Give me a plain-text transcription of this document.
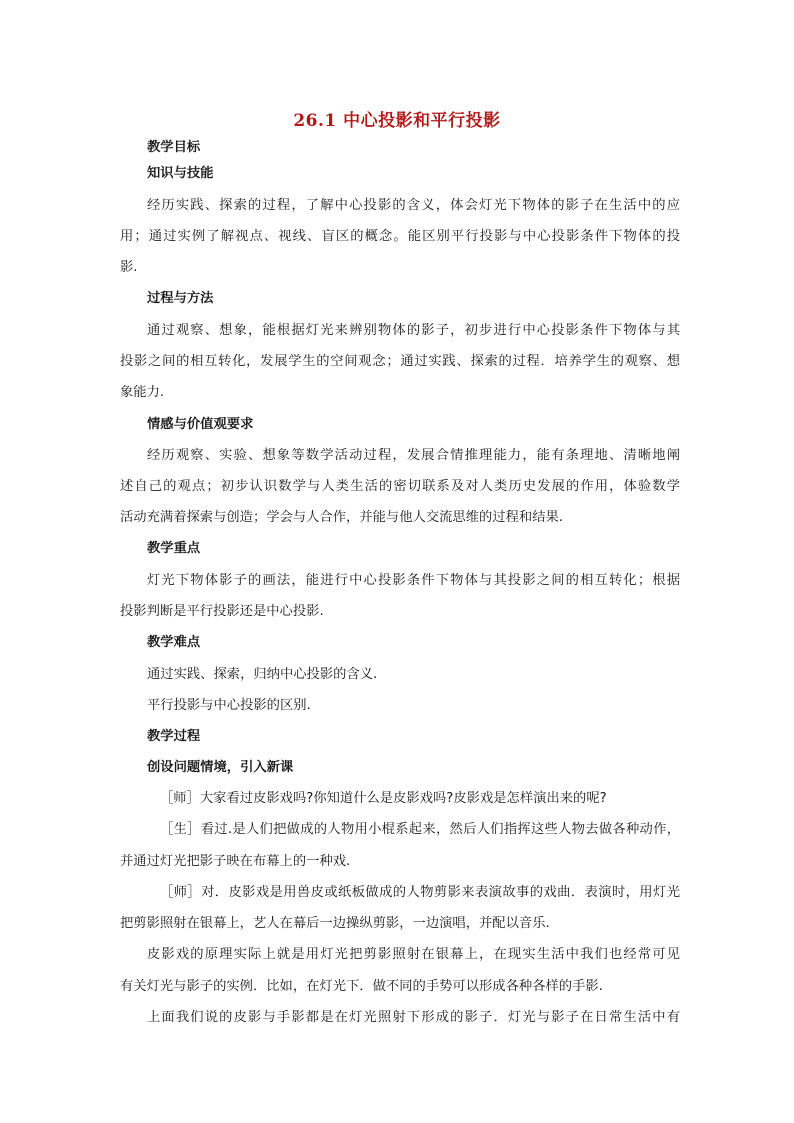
26.1 中心投影和平行投影
教学目标
知识与技能
经历实践、探索的过程，了解中心投影的含义，体会灯光下物体的影子在生活中的应
用；通过实例了解视点、视线、盲区的概念。能区别平行投影与中心投影条件下物体的投
影.
过程与方法
通过观察、想象，能根据灯光来辨别物体的影子，初步进行中心投影条件下物体与其
投影之间的相互转化，发展学生的空间观念；通过实践、探索的过程．培养学生的观察、想
象能力.
情感与价值观要求
经历观察、实验、想象等数学活动过程，发展合情推理能力，能有条理地、清晰地阐
述自己的观点；初步认识数学与人类生活的密切联系及对人类历史发展的作用，体验数学
活动充满着探索与创造；学会与人合作，并能与他人交流思维的过程和结果.
教学重点
灯光下物体影子的画法，能进行中心投影条件下物体与其投影之间的相互转化；根据
投影判断是平行投影还是中心投影.
教学难点
通过实践、探索，归纳中心投影的含义.
平行投影与中心投影的区别.
教学过程
创设问题情境，引入新课
［师］大家看过皮影戏吗?你知道什么是皮影戏吗?皮影戏是怎样演出来的呢?
［生］看过.是人们把做成的人物用小棍系起来，然后人们指挥这些人物去做各种动作，
并通过灯光把影子映在布幕上的一种戏.
［师］对．皮影戏是用兽皮或纸板做成的人物剪影来表演故事的戏曲．表演时，用灯光
把剪影照射在银幕上，艺人在幕后一边操纵剪影，一边演唱，并配以音乐.
皮影戏的原理实际上就是用灯光把剪影照射在银幕上，在现实生活中我们也经常可见
有关灯光与影子的实例．比如，在灯光下．做不同的手势可以形成各种各样的手影.
上面我们说的皮影与手影都是在灯光照射下形成的影子．灯光与影子在日常生活中有
